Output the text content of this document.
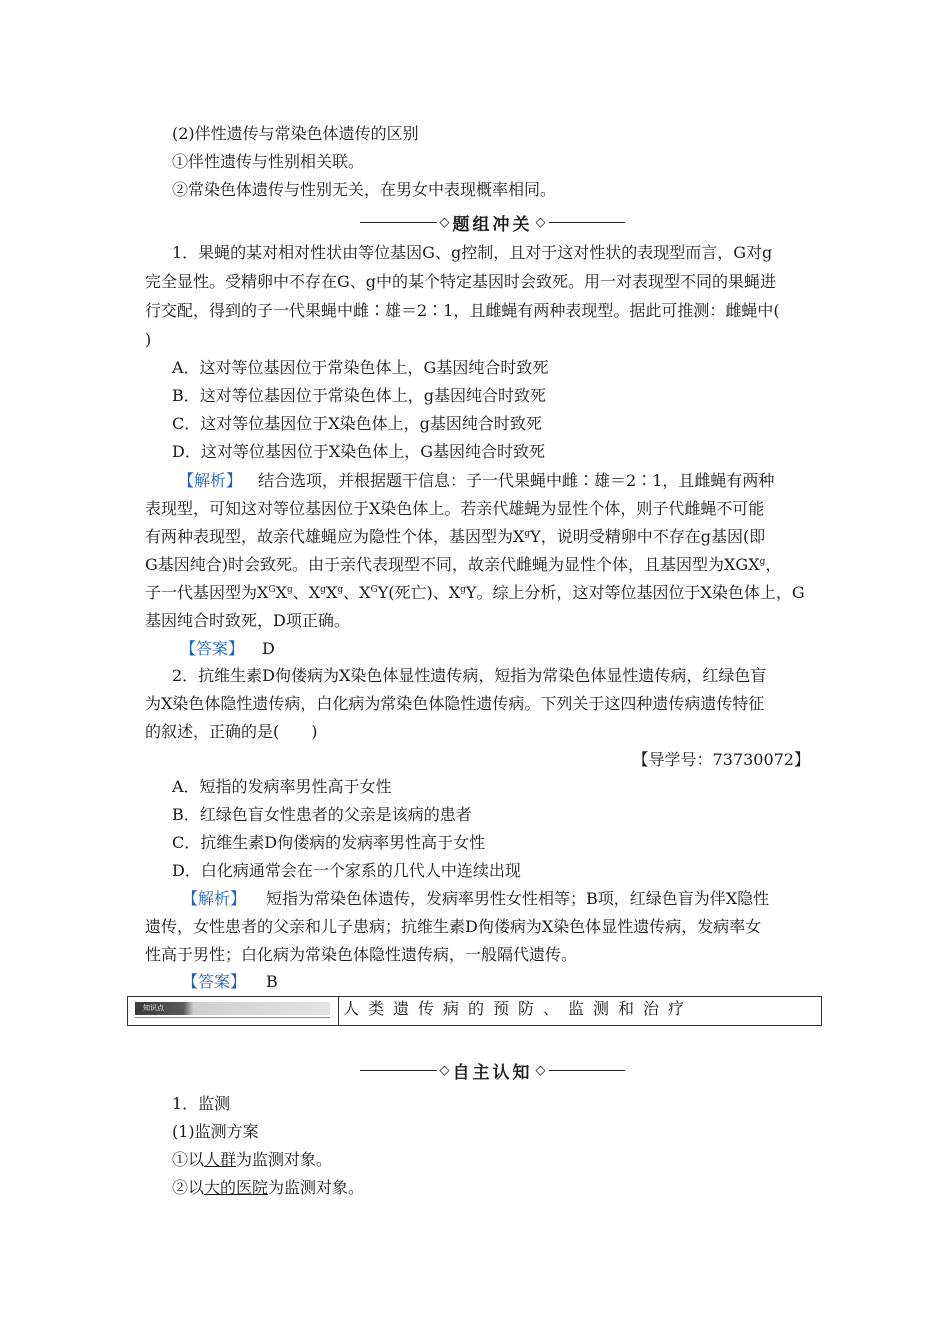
(2)伴性遗传与常染色体遗传的区别
①伴性遗传与性别相关联。
②常染色体遗传与性别无关，在男女中表现概率相同。
◇ 题组冲关 ◇
1．果蝇的某对相对性状由等位基因G、g控制，且对于这对性状的表现型而言，G对g
完全显性。受精卵中不存在G、g中的某个特定基因时会致死。用一对表现型不同的果蝇进
行交配，得到的子一代果蝇中雌∶雄＝2∶1，且雌蝇有两种表现型。据此可推测：雌蝇中(
)
A．这对等位基因位于常染色体上，G基因纯合时致死
B．这对等位基因位于常染色体上，g基因纯合时致死
C．这对等位基因位于X染色体上，g基因纯合时致死
D．这对等位基因位于X染色体上，G基因纯合时致死
【解析】 结合选项，并根据题干信息：子一代果蝇中雌∶雄＝2∶1，且雌蝇有两种
表现型，可知这对等位基因位于X染色体上。若亲代雄蝇为显性个体，则子代雌蝇不可能
有两种表现型，故亲代雄蝇应为隐性个体，基因型为$X^gY$，说明受精卵中不存在g基因(即
G基因纯合)时会致死。由于亲代表现型不同，故亲代雌蝇为显性个体，且基因型为XGX$^g$，
子一代基因型为$X^GX^g$、$X^gX^g$、$X^GY$(死亡)、$X^gY$。综上分析，这对等位基因位于X染色体上，G
基因纯合时致死，D项正确。
【答案】 D
2．抗维生素D佝偻病为X染色体显性遗传病，短指为常染色体显性遗传病，红绿色盲
为X染色体隐性遗传病，白化病为常染色体隐性遗传病。下列关于这四种遗传病遗传特征
的叙述，正确的是(　　)
【导学号：73730072】
A．短指的发病率男性高于女性
B．红绿色盲女性患者的父亲是该病的患者
C．抗维生素D佝偻病的发病率男性高于女性
D．白化病通常会在一个家系的几代人中连续出现
【解析】 短指为常染色体遗传，发病率男性女性相等；B项，红绿色盲为伴X隐性
遗传，女性患者的父亲和儿子患病；抗维生素D佝偻病为X染色体显性遗传病，发病率女
性高于男性；白化病为常染色体隐性遗传病，一般隔代遗传。
【答案】 B
知识点	人类遗传病的预防、监测和治疗
◇ 自主认知 ◇
1．监测
(1)监测方案
①以人群为监测对象。
②以大的医院为监测对象。
